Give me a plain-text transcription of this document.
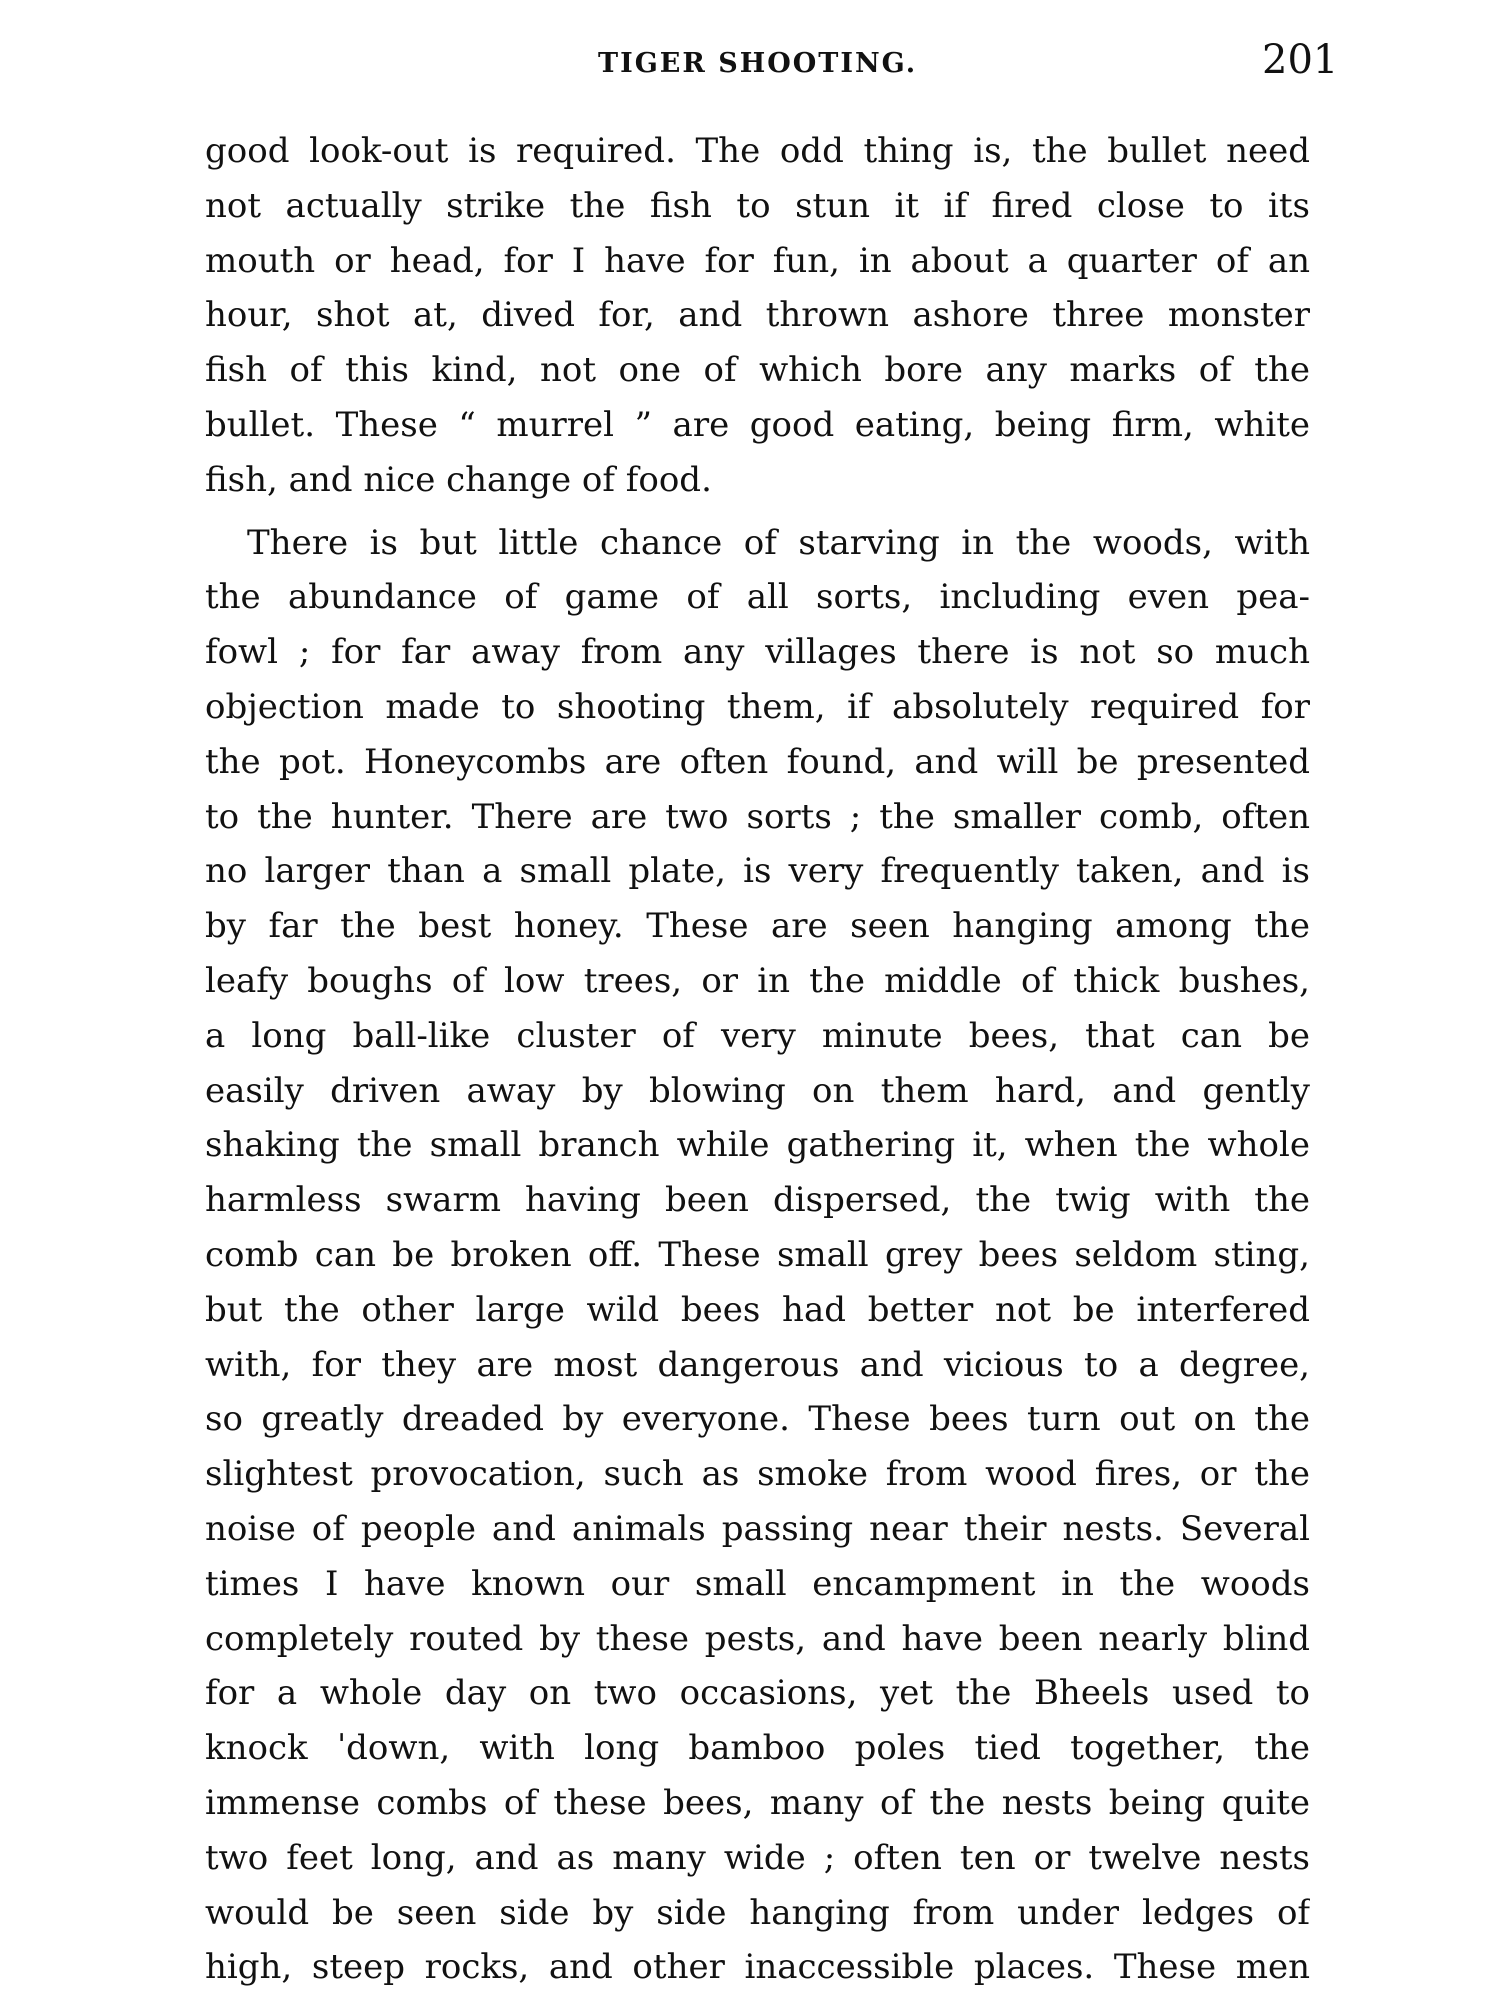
TIGER SHOOTING.	201
good look-out is required. The odd thing is, the bullet need
not actually strike the fish to stun it if fired close to its
mouth or head, for I have for fun, in about a quarter of an
hour, shot at, dived for, and thrown ashore three monster
fish of this kind, not one of which bore any marks of the
bullet. These “ murrel ” are good eating, being firm, white
fish, and nice change of food.
There is but little chance of starving in the woods, with
the abundance of game of all sorts, including even pea-
fowl ; for far away from any villages there is not so much
objection made to shooting them, if absolutely required for
the pot. Honeycombs are often found, and will be presented
to the hunter. There are two sorts ; the smaller comb, often
no larger than a small plate, is very frequently taken, and is
by far the best honey. These are seen hanging among the
leafy boughs of low trees, or in the middle of thick bushes,
a long ball-like cluster of very minute bees, that can be
easily driven away by blowing on them hard, and gently
shaking the small branch while gathering it, when the whole
harmless swarm having been dispersed, the twig with the
comb can be broken off. These small grey bees seldom sting,
but the other large wild bees had better not be interfered
with, for they are most dangerous and vicious to a degree,
so greatly dreaded by everyone. These bees turn out on the
slightest provocation, such as smoke from wood fires, or the
noise of people and animals passing near their nests. Several
times I have known our small encampment in the woods
completely routed by these pests, and have been nearly blind
for a whole day on two occasions, yet the Bheels used to
knock ˈdown, with long bamboo poles tied together, the
immense combs of these bees, many of the nests being quite
two feet long, and as many wide ; often ten or twelve nests
would be seen side by side hanging from under ledges of
high, steep rocks, and other inaccessible places. These men
